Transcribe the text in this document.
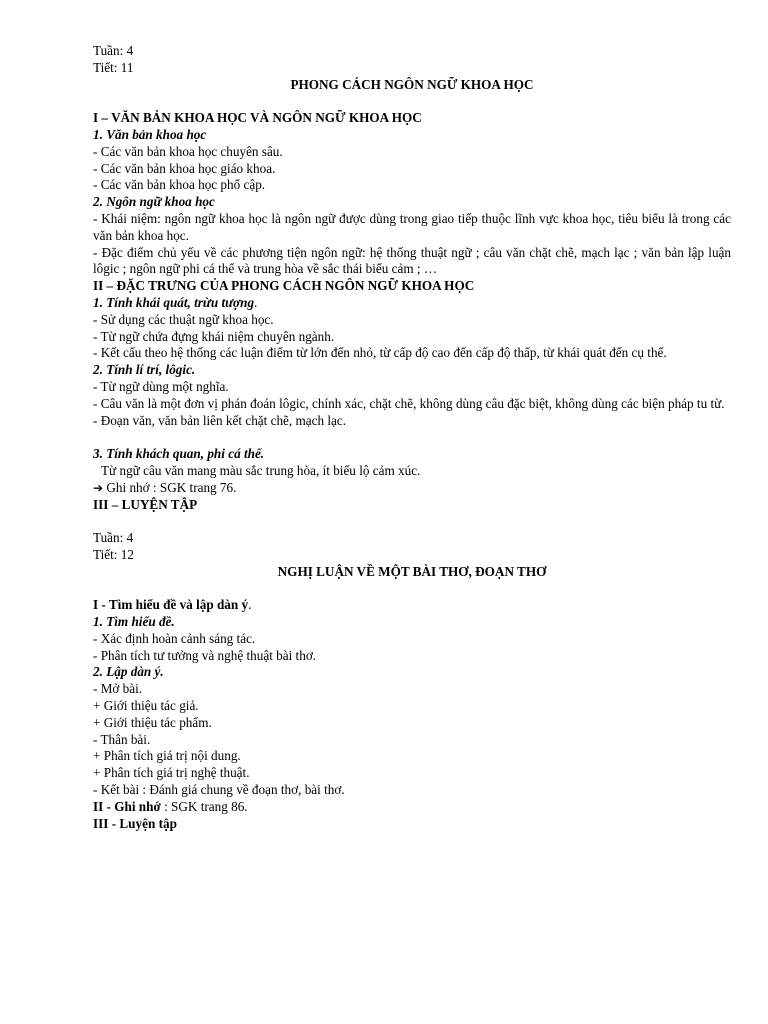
Tuần: 4
Tiết: 11
PHONG CÁCH NGÔN NGỮ KHOA HỌC
I – VĂN BẢN KHOA HỌC VÀ NGÔN NGỮ KHOA HỌC
1. Văn bản khoa học
- Các văn bản khoa học chuyên sâu.
- Các văn bản khoa học giáo khoa.
- Các văn bản khoa học phổ cập.
2. Ngôn ngữ khoa học
- Khái niệm: ngôn ngữ khoa học là ngôn ngữ được dùng trong giao tiếp thuộc lĩnh vực khoa học, tiêu biểu là trong các văn bản khoa học.
- Đặc điểm chủ yếu về các phương tiện ngôn ngữ: hệ thống thuật ngữ ; câu văn chặt chẽ, mạch lạc ; văn bản lập luận lôgic ; ngôn ngữ phi cá thể và trung hòa về sắc thái biểu cảm ; …
II – ĐẶC TRƯNG CỦA PHONG CÁCH NGÔN NGỮ KHOA HỌC
1. Tính khái quát, trừu tượng.
- Sử dụng các thuật ngữ khoa học.
- Từ ngữ chứa đựng khái niệm chuyên ngành.
- Kết cấu theo hệ thống các luận điểm từ lớn đến nhỏ, từ cấp độ cao đến cấp độ thấp, từ khái quát đến cụ thể.
2. Tính lí trí, lôgic.
- Từ ngữ dùng một nghĩa.
- Câu văn là một đơn vị phán đoán lôgic, chính xác, chặt chẽ, không dùng câu đặc biệt, không dùng các biện pháp tu từ.
- Đoạn văn, văn bản liên kết chặt chẽ, mạch lạc.
3. Tính khách quan, phi cá thể.
Từ ngữ câu văn mang màu sắc trung hòa, ít biểu lộ cảm xúc.
➔ Ghi nhớ : SGK trang 76.
III – LUYỆN TẬP
Tuần: 4
Tiết: 12
NGHỊ LUẬN VỀ MỘT BÀI THƠ, ĐOẠN THƠ
I - Tìm hiểu đề và lập dàn ý.
1. Tìm hiểu đề.
- Xác định hoàn cảnh sáng tác.
- Phân tích tư tưởng và nghệ thuật bài thơ.
2. Lập dàn ý.
- Mở bài.
+ Giới thiệu tác giả.
+ Giới thiệu tác phẩm.
- Thân bài.
+ Phân tích giá trị nội dung.
+ Phân tích giá trị nghệ thuật.
- Kết bài : Đánh giá chung về đoạn thơ, bài thơ.
II - Ghi nhớ : SGK trang 86.
III - Luyện tập
